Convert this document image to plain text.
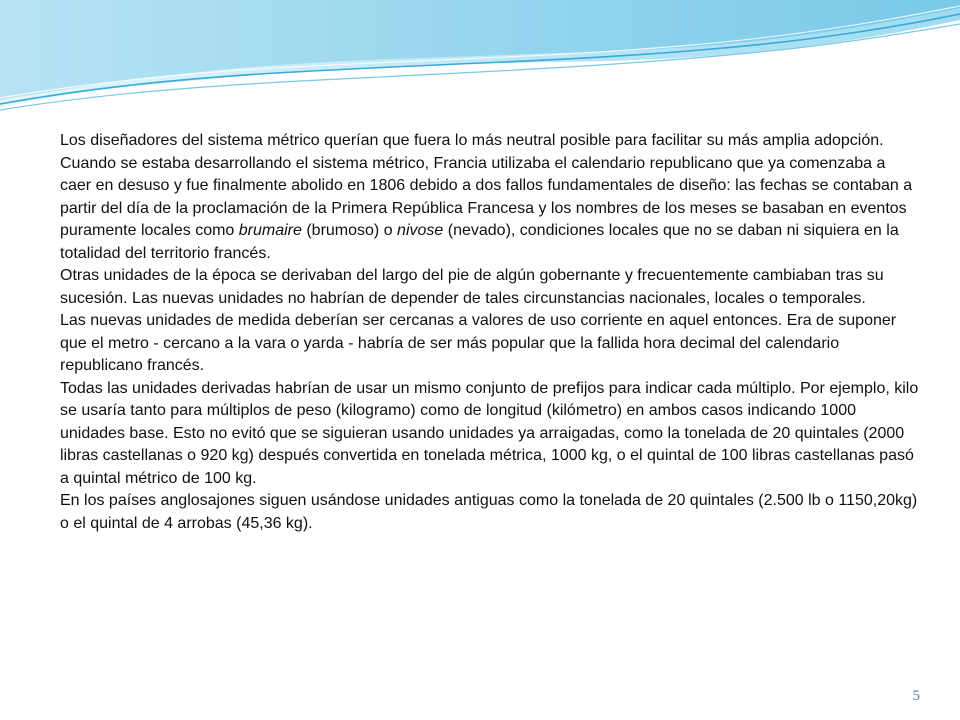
Los diseñadores del sistema métrico querían que fuera lo más neutral posible para facilitar su más amplia adopción. Cuando se estaba desarrollando el sistema métrico, Francia utilizaba el calendario republicano que ya comenzaba a caer en desuso y fue finalmente abolido en 1806 debido a dos fallos fundamentales de diseño: las fechas se contaban a partir del día de la proclamación de la Primera República Francesa y los nombres de los meses se basaban en eventos puramente locales como brumaire (brumoso) o nivose (nevado), condiciones locales que no se daban ni siquiera en la totalidad del territorio francés.

Otras unidades de la época se derivaban del largo del pie de algún gobernante y frecuentemente cambiaban tras su sucesión. Las nuevas unidades no habrían de depender de tales circunstancias nacionales, locales o temporales.

Las nuevas unidades de medida deberían ser cercanas a valores de uso corriente en aquel entonces. Era de suponer que el metro - cercano a la vara o yarda - habría de ser más popular que la fallida hora decimal del calendario republicano francés.

Todas las unidades derivadas habrían de usar un mismo conjunto de prefijos para indicar cada múltiplo. Por ejemplo, kilo se usaría tanto para múltiplos de peso (kilogramo) como de longitud (kilómetro) en ambos casos indicando 1000 unidades base. Esto no evitó que se siguieran usando unidades ya arraigadas, como la tonelada de 20 quintales (2000 libras castellanas o 920 kg) después convertida en tonelada métrica, 1000 kg, o el quintal de 100 libras castellanas pasó a quintal métrico de 100 kg.

En los países anglosajones siguen usándose unidades antiguas como la tonelada de 20 quintales (2.500 lb o 1150,20kg) o el quintal de 4 arrobas (45,36 kg).

5
